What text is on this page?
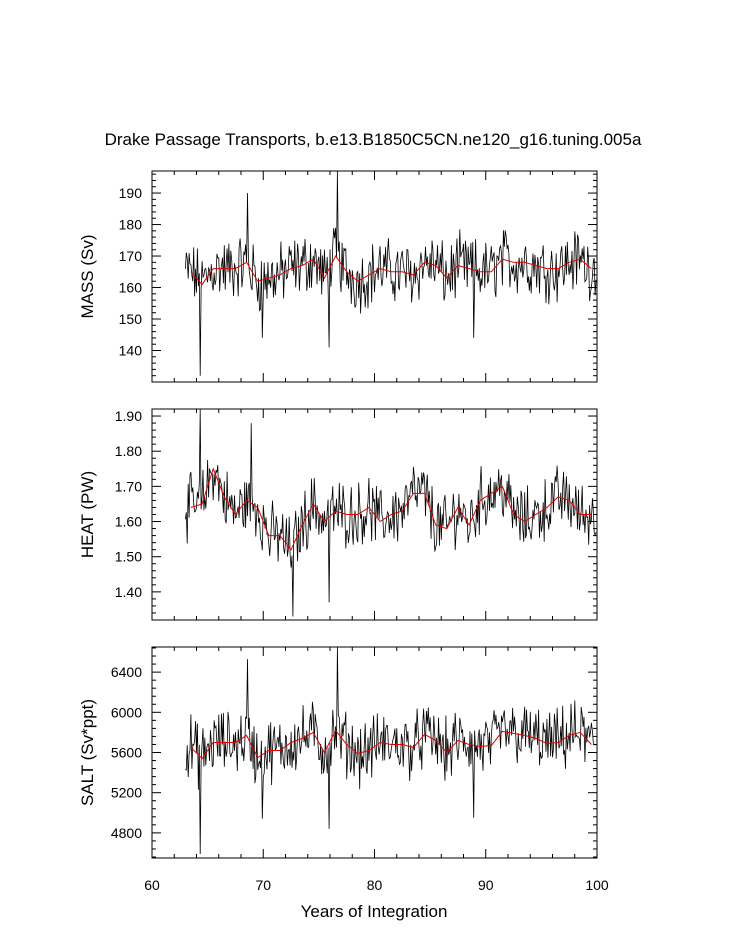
Drake Passage Transports, b.e13.B1850C5CN.ne120_g16.tuning.005a
Years of Integration
140
150
160
170
180
190
MASS (Sv)
1.40
1.50
1.60
1.70
1.80
1.90
HEAT (PW)
4800
5200
5600
6000
6400
SALT (Sv*ppt)
60	70	80	90	100
